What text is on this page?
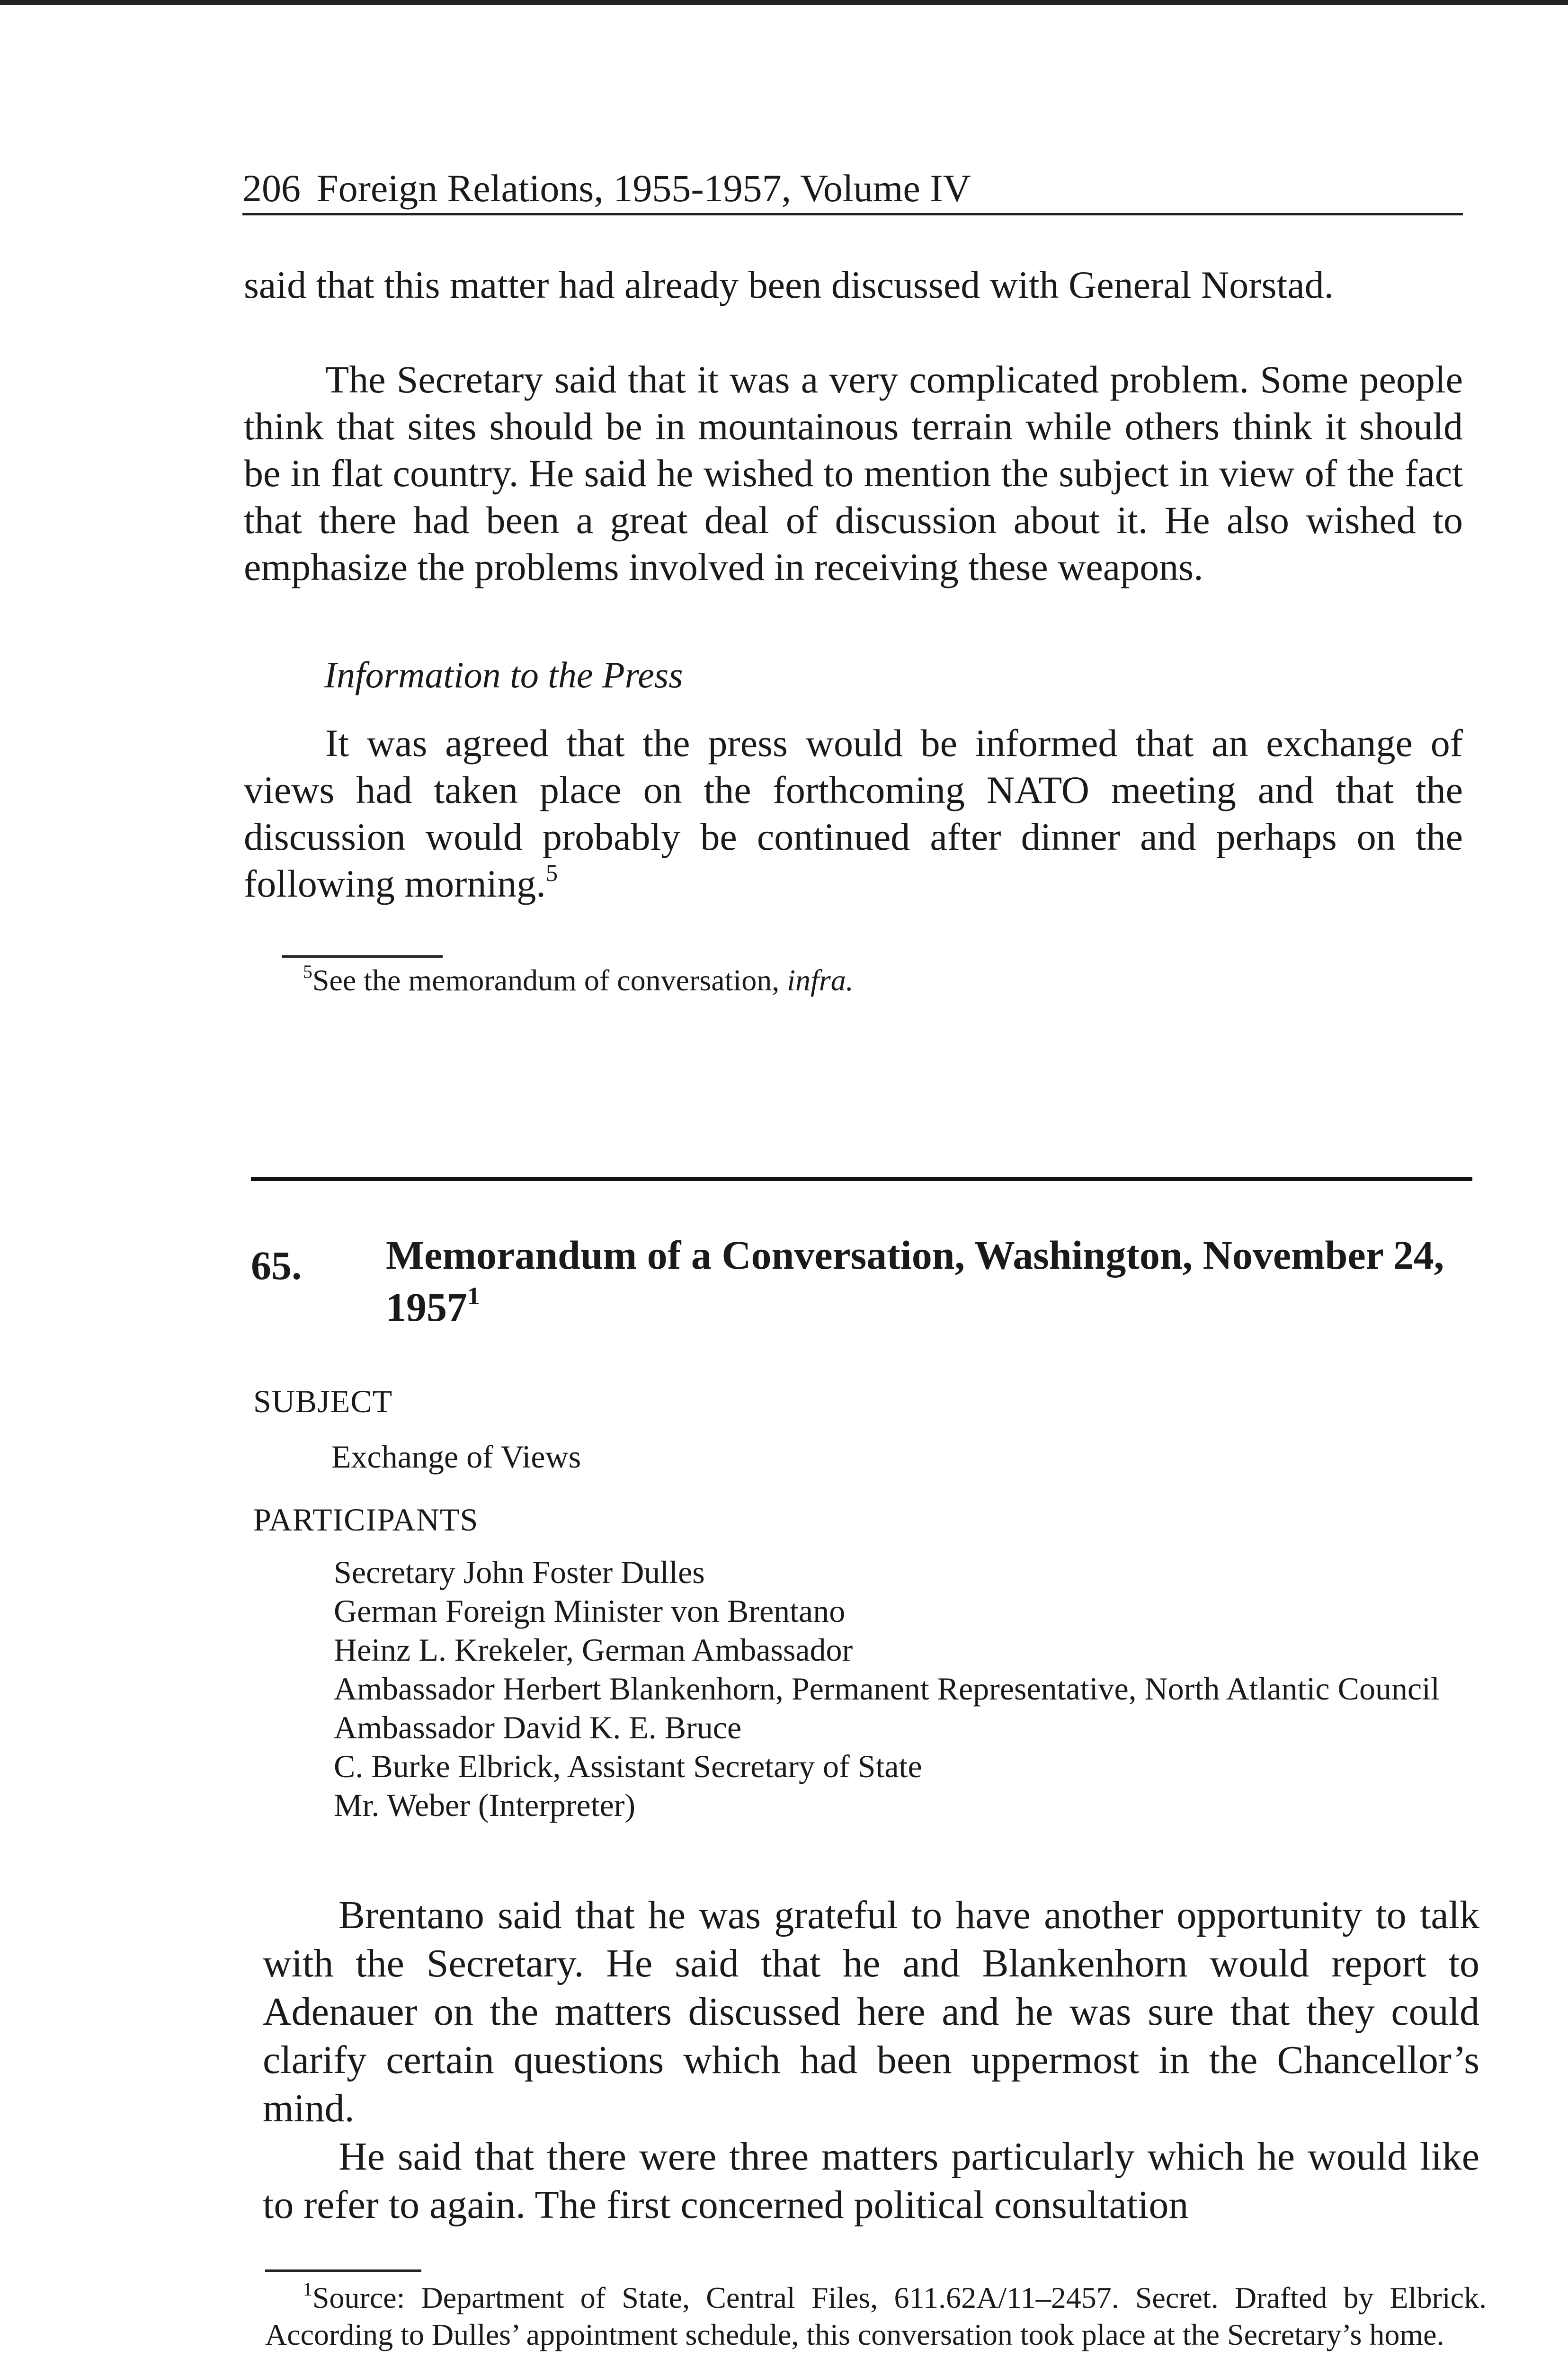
206 Foreign Relations, 1955-1957, Volume IV

said that this matter had already been discussed with General Norstad.

The Secretary said that it was a very complicated problem. Some people think that sites should be in mountainous terrain while others think it should be in flat country. He said he wished to mention the subject in view of the fact that there had been a great deal of discussion about it. He also wished to emphasize the problems involved in receiving these weapons.

Information to the Press

It was agreed that the press would be informed that an exchange of views had taken place on the forthcoming NATO meeting and that the discussion would probably be continued after dinner and perhaps on the following morning.$^5$

$^5$See the memorandum of conversation, infra.

65. Memorandum of a Conversation, Washington, November 24, 1957$^1$

SUBJECT

Exchange of Views

PARTICIPANTS

Secretary John Foster Dulles
German Foreign Minister von Brentano
Heinz L. Krekeler, German Ambassador
Ambassador Herbert Blankenhorn, Permanent Representative, North Atlantic Council
Ambassador David K. E. Bruce
C. Burke Elbrick, Assistant Secretary of State
Mr. Weber (Interpreter)

Brentano said that he was grateful to have another opportunity to talk with the Secretary. He said that he and Blankenhorn would report to Adenauer on the matters discussed here and he was sure that they could clarify certain questions which had been uppermost in the Chancellor’s mind.

He said that there were three matters particularly which he would like to refer to again. The first concerned political consultation

$^1$Source: Department of State, Central Files, 611.62A/11–2457. Secret. Drafted by Elbrick. According to Dulles’ appointment schedule, this conversation took place at the Secretary’s home.
